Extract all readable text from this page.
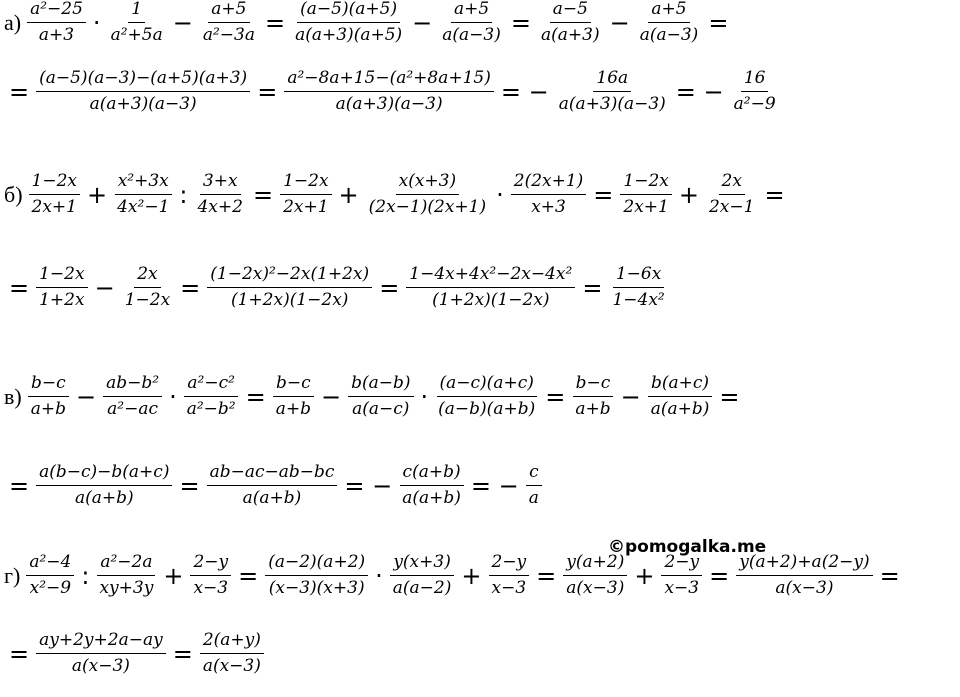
$а) \frac{\text{a²−25}}{a+3} \cdot \frac{1}{\text{a²+5a}} - \frac{a+5}{\text{a²−3a}} = \frac{(a-5)(a+5)}{a(a+3)(a+5)} - \frac{a+5}{a(a-3)} = \frac{a-5}{a(a+3)} - \frac{a+5}{a(a-3)}$ =
= $\frac{(a-5)(a-3)-(a+5)(a+3)}{a(a+3)(a-3)} = \frac{\text{a²−8a+15−(a²+8a+15)}}{a(a+3)(a-3)}$ = − $\frac{16a}{a(a+3)(a-3)}$ = − $\frac{16}{\text{a²−9}}$
$б) \frac{1-2x}{2x+1} + \frac{\text{x²+3x}}{\text{4x²−1}}$ : $\frac{3+x}{4x+2} = \frac{1-2x}{2x+1} + \frac{x(x+3)}{(2x-1)(2x+1)} \cdot \frac{2(2x+1)}{x+3} = \frac{1-2x}{2x+1} + \frac{2x}{2x-1}$ =
= $\frac{1-2x}{1+2x} - \frac{2x}{1-2x} = \frac{\text{(1−2x)²−2x(1+2x)}}{(1+2x)(1-2x)} = \frac{\text{1−4x+4x²−2x−4x²}}{(1+2x)(1-2x)} = \frac{1-6x}{\text{1−4x²}}$
$в) \frac{b-c}{a+b} - \frac{\text{ab−b²}}{\text{a²−ac}} \cdot \frac{\text{a²−c²}}{\text{a²−b²}} = \frac{b-c}{a+b} - \frac{b(a-b)}{a(a-c)} \cdot \frac{(a-c)(a+c)}{(a-b)(a+b)} = \frac{b-c}{a+b} - \frac{b(a+c)}{a(a+b)}$ =
= $\frac{a(b-c)-b(a+c)}{a(a+b)} = \frac{ab-ac-ab-bc}{a(a+b)}$ = − $\frac{c(a+b)}{a(a+b)}$ = − $\frac{c}{a}$
$г) \frac{\text{a²−4}}{\text{x²−9}}$ : $\frac{\text{a²−2a}}{xy+3y} + \frac{2-y}{x-3} = \frac{(a-2)(a+2)}{(x-3)(x+3)} \cdot \frac{y(x+3)}{a(a-2)} + \frac{2-y}{x-3} = \frac{y(a+2)}{a(x-3)} + \frac{2-y}{x-3} = \frac{y(a+2)+a(2-y)}{a(x-3)}$ =
= $\frac{ay+2y+2a-ay}{a(x-3)} = \frac{2(a+y)}{a(x-3)}$
©pomogalka.me
